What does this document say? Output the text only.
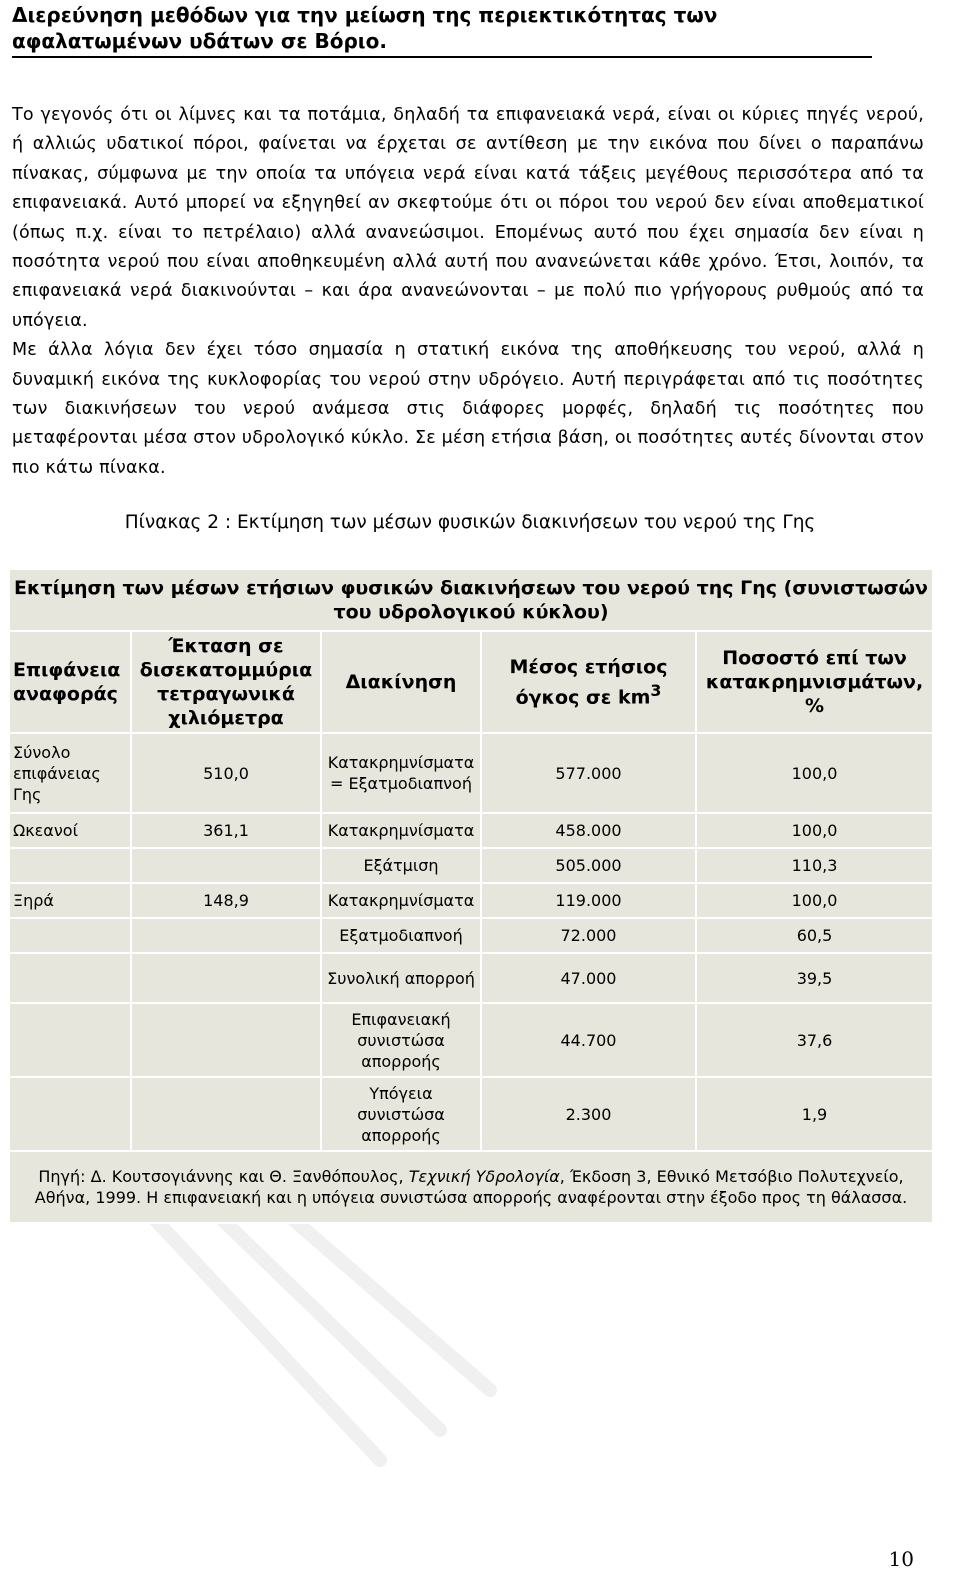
Διερεύνηση μεθόδων για την μείωση της περιεκτικότητας των αφαλατωμένων υδάτων σε Βόριο.

Το γεγονός ότι οι λίμνες και τα ποτάμια, δηλαδή τα επιφανειακά νερά, είναι οι κύριες πηγές νερού, ή αλλιώς υδατικοί πόροι, φαίνεται να έρχεται σε αντίθεση με την εικόνα που δίνει ο παραπάνω πίνακας, σύμφωνα με την οποία τα υπόγεια νερά είναι κατά τάξεις μεγέθους περισσότερα από τα επιφανειακά. Αυτό μπορεί να εξηγηθεί αν σκεφτούμε ότι οι πόροι του νερού δεν είναι αποθεματικοί (όπως π.χ. είναι το πετρέλαιο) αλλά ανανεώσιμοι. Επομένως αυτό που έχει σημασία δεν είναι η ποσότητα νερού που είναι αποθηκευμένη αλλά αυτή που ανανεώνεται κάθε χρόνο. Έτσι, λοιπόν, τα επιφανειακά νερά διακινούνται – και άρα ανανεώνονται – με πολύ πιο γρήγορους ρυθμούς από τα υπόγεια.

Με άλλα λόγια δεν έχει τόσο σημασία η στατική εικόνα της αποθήκευσης του νερού, αλλά η δυναμική εικόνα της κυκλοφορίας του νερού στην υδρόγειο. Αυτή περιγράφεται από τις ποσότητες των διακινήσεων του νερού ανάμεσα στις διάφορες μορφές, δηλαδή τις ποσότητες που μεταφέρονται μέσα στον υδρολογικό κύκλο. Σε μέση ετήσια βάση, οι ποσότητες αυτές δίνονται στον πιο κάτω πίνακα.

Πίνακας 2 : Εκτίμηση των μέσων φυσικών διακινήσεων του νερού της Γης
Εκτίμηση των μέσων ετήσιων φυσικών διακινήσεων του νερού της Γης (συνιστωσών του υδρολογικού κύκλου)				
Επιφάνεια αναφοράς	Έκταση σε δισεκατομμύρια τετραγωνικά χιλιόμετρα	Διακίνηση	Μέσος ετήσιος όγκος σε $km^3$	Ποσοστό επί των κατακρημνισμάτων, %
Σύνολο επιφάνειας Γης	510,0	Κατακρημνίσματα = Εξατμοδιαπνοή	577.000	100,0
Ωκεανοί	361,1	Κατακρημνίσματα	458.000	100,0
		Εξάτμιση	505.000	110,3
Ξηρά	148,9	Κατακρημνίσματα	119.000	100,0
		Εξατμοδιαπνοή	72.000	60,5
		Συνολική απορροή	47.000	39,5
		Επιφανειακή συνιστώσα απορροής	44.700	37,6
		Υπόγεια συνιστώσα απορροής	2.300	1,9
Πηγή: Δ. Κουτσογιάννης και Θ. Ξανθόπουλος, Τεχνική Υδρολογία, Έκδοση 3, Εθνικό Μετσόβιο Πολυτεχνείο, Αθήνα, 1999. Η επιφανειακή και η υπόγεια συνιστώσα απορροής αναφέρονται στην έξοδο προς τη θάλασσα.				
10
